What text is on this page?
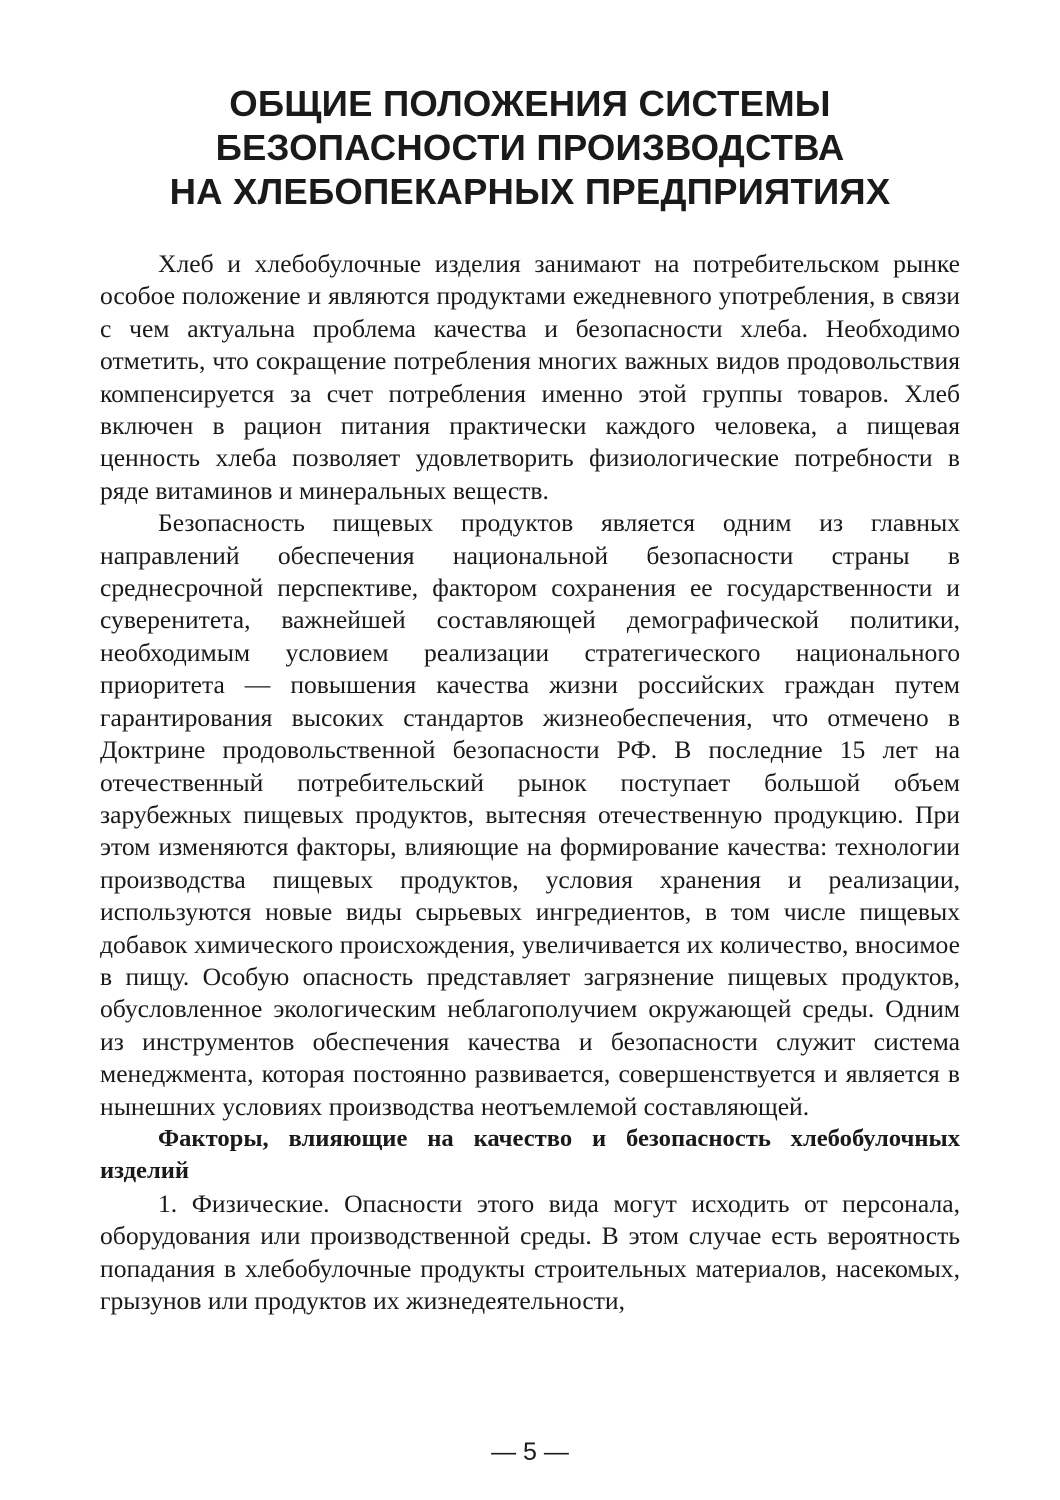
ОБЩИЕ ПОЛОЖЕНИЯ СИСТЕМЫ
БЕЗОПАСНОСТИ ПРОИЗВОДСТВА
НА ХЛЕБОПЕКАРНЫХ ПРЕДПРИЯТИЯХ

Хлеб и хлебобулочные изделия занимают на потребительском рынке особое положение и являются продуктами ежедневного употребления, в связи с чем актуальна проблема качества и безопасности хлеба. Необходимо отметить, что сокращение потребления многих важных видов продовольствия компенсируется за счет потребления именно этой группы товаров. Хлеб включен в рацион питания практически каждого человека, а пищевая ценность хлеба позволяет удовлетворить физиологические потребности в ряде витаминов и минеральных веществ.

Безопасность пищевых продуктов является одним из главных направлений обеспечения национальной безопасности страны в среднесрочной перспективе, фактором сохранения ее государственности и суверенитета, важнейшей составляющей демографической политики, необходимым условием реализации стратегического национального приоритета — повышения качества жизни российских граждан путем гарантирования высоких стандартов жизнеобеспечения, что отмечено в Доктрине продовольственной безопасности РФ. В последние 15 лет на отечественный потребительский рынок поступает большой объем зарубежных пищевых продуктов, вытесняя отечественную продукцию. При этом изменяются факторы, влияющие на формирование качества: технологии производства пищевых продуктов, условия хранения и реализации, используются новые виды сырьевых ингредиентов, в том числе пищевых добавок химического происхождения, увеличивается их количество, вносимое в пищу. Особую опасность представляет загрязнение пищевых продуктов, обусловленное экологическим неблагополучием окружающей среды. Одним из инструментов обеспечения качества и безопасности служит система менеджмента, которая постоянно развивается, совершенствуется и является в нынешних условиях производства неотъемлемой составляющей.

Факторы, влияющие на качество и безопасность хлебобулочных изделий

1. Физические. Опасности этого вида могут исходить от персонала, оборудования или производственной среды. В этом случае есть вероятность попадания в хлебобулочные продукты строительных материалов, насекомых, грызунов или продуктов их жизнедеятельности,

— 5 —
